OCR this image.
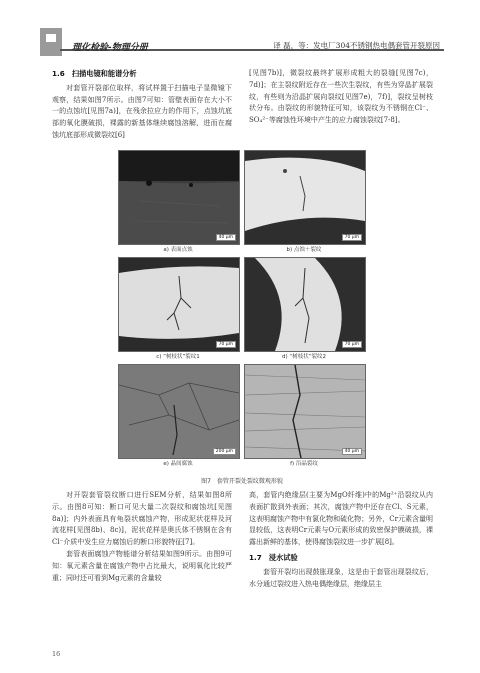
理化检验-物理分册	译 磊，等：发电厂304不锈钢热电偶套管开裂原因
1.6　扫描电镜和能谱分析

对套管开裂部位取样，将试样置于扫描电子显微镜下观察，结果如图7所示。由图7可知：管壁表面存在大小不一的点蚀坑[见图7a)]，在残余拉应力的作用下，点蚀坑底部的氧化膜破损，裸露的新基体继续腐蚀溶解，进而在腐蚀坑底部形成微裂纹[6]

[见图7b)]，微裂纹最终扩展形成粗大的裂缝[见图7c)，7d)]；在主裂纹附近存在一些次生裂纹，有些为穿晶扩展裂纹，有些则为沿晶扩展向裂纹[见图7e)，7f)]，裂纹呈树枝状分布。由裂纹的形貌特征可知，该裂纹为不锈钢在Cl⁻、SO₄²⁻等腐蚀性环境中产生的应力腐蚀裂纹[7-8]。

40 μm
a) 表面点蚀
70 μm
b) 点蚀＋裂纹
70 μm
c) “树枝状”裂纹1
70 μm
d) “树枝状”裂纹2
200 μm
e) 晶间腐蚀
40 μm
f) 沿晶裂纹
图7　套管开裂处裂纹微观形貌

对开裂套管裂纹断口进行SEM分析，结果如图8所示。由图8可知：断口可见大量二次裂纹和腐蚀坑[见图8a)]；内外表面具有龟裂状腐蚀产物，形成泥状花样及河流花样[见图8b)、8c)]，泥状花样是奥氏体不锈钢在含有Cl⁻介质中发生应力腐蚀后的断口形貌特征[7]。

套管表面腐蚀产物能谱分析结果如图9所示。由图9可知：氧元素含量在腐蚀产物中占比最大，说明氧化比较严重；同时还可看到Mg元素的含量较

高，套管内绝缘层(主要为MgO纤维)中的Mg²⁺沿裂纹从内表面扩散到外表面；其次，腐蚀产物中还存在Cl、S元素，这表明腐蚀产物中有氯化物和硫化物；另外，Cr元素含量明显较低，这表明Cr元素与O元素形成的致密保护膜破损，裸露出新鲜的基体，使得腐蚀裂纹进一步扩展[8]。

1.7　浸水试验

套管开裂均出现鼓胀现象，这是由于套管出现裂纹后，水分通过裂纹进入热电偶绝缘层，绝缘层主

16
